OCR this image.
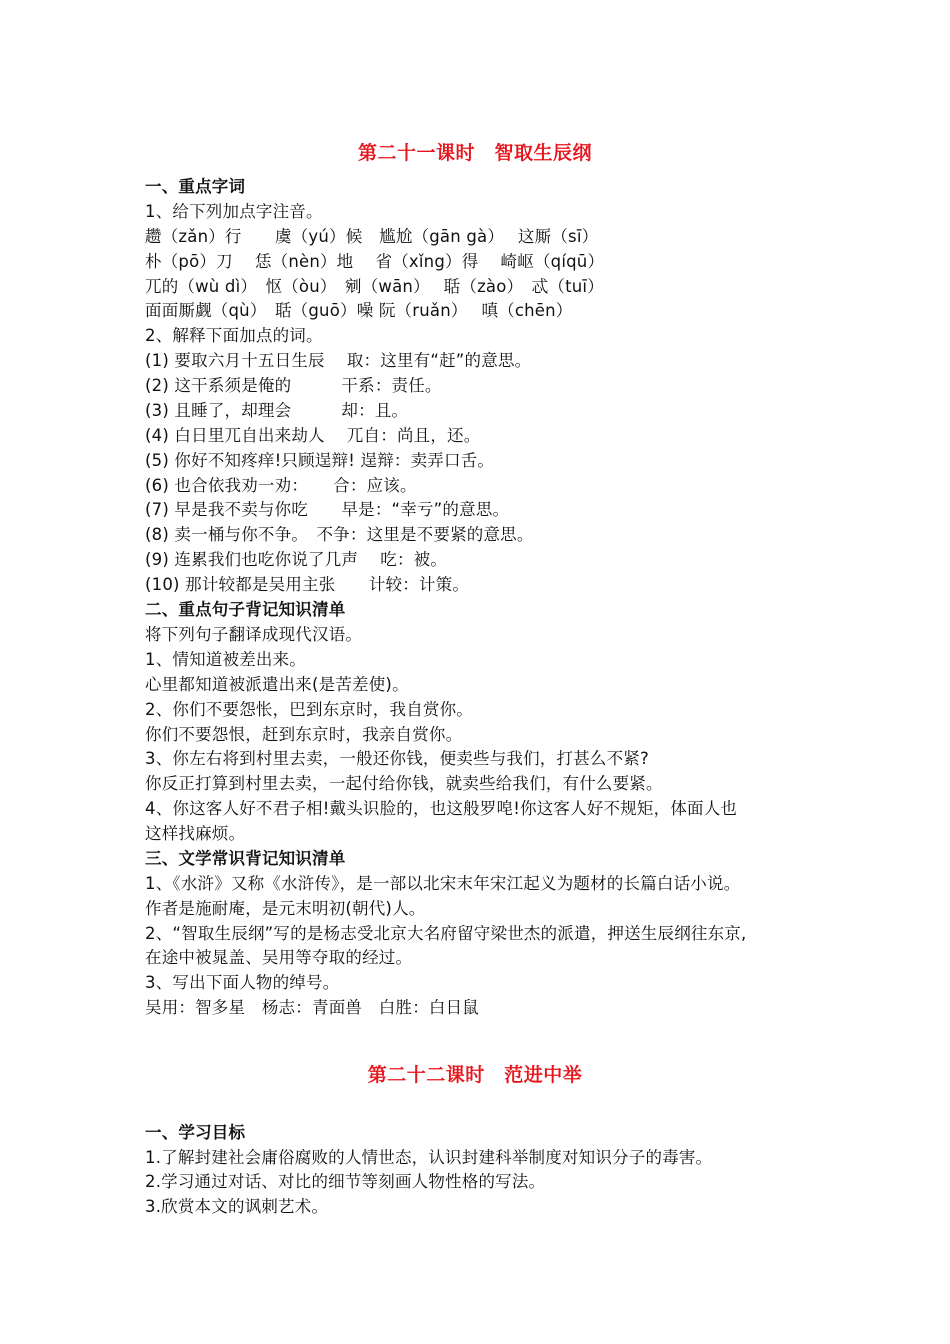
第二十一课时　智取生辰纲
一、重点字词
1、给下列加点字注音。
趱（zǎn）行　　虞（yú）候　尴尬（gān gà）　 这厮（sī）
朴（pō）刀　 恁（nèn）地　 省（xǐng）得　 崎岖（qíqū）
兀的（wù dì）　怄（òu）　剜（wān）　 聒（zào）　忒（tuī）
面面厮觑（qù）　聒（guō）噪 阮（ruǎn）　 嗔（chēn）
2、解释下面加点的词。
(1) 要取六月十五日生辰　 取：这里有“赶”的意思。
(2) 这干系须是俺的　　　干系：责任。
(3) 且睡了，却理会　　　却：且。
(4) 白日里兀自出来劫人　 兀自：尚且，还。
(5) 你好不知疼痒!只顾逞辩! 逞辩：卖弄口舌。
(6) 也合依我劝一劝：　　合：应该。
(7) 早是我不卖与你吃　　早是：“幸亏”的意思。
(8) 卖一桶与你不争。　不争：这里是不要紧的意思。
(9) 连累我们也吃你说了几声　 吃：被。
(10) 那计较都是吴用主张　　计较：计策。
二、重点句子背记知识清单
将下列句子翻译成现代汉语。
1、情知道被差出来。
心里都知道被派遣出来(是苦差使)。
2、你们不要怨怅，巴到东京时，我自赏你。
你们不要怨恨，赶到东京时，我亲自赏你。
3、你左右将到村里去卖，一般还你钱，便卖些与我们，打甚么不紧?
你反正打算到村里去卖，一起付给你钱，就卖些给我们，有什么要紧。
4、你这客人好不君子相!戴头识脸的，也这般罗唣!你这客人好不规矩，体面人也
这样找麻烦。
三、文学常识背记知识清单
1、《水浒》又称《水浒传》，是一部以北宋末年宋江起义为题材的长篇白话小说。
作者是施耐庵，是元末明初(朝代)人。
2、“智取生辰纲”写的是杨志受北京大名府留守梁世杰的派遣，押送生辰纲往东京,
在途中被晁盖、吴用等夺取的经过。
3、写出下面人物的绰号。
吴用：智多星　杨志：青面兽　白胜：白日鼠
第二十二课时　范进中举
一、学习目标
1.了解封建社会庸俗腐败的人情世态，认识封建科举制度对知识分子的毒害。
2.学习通过对话、对比的细节等刻画人物性格的写法。
3.欣赏本文的讽刺艺术。
